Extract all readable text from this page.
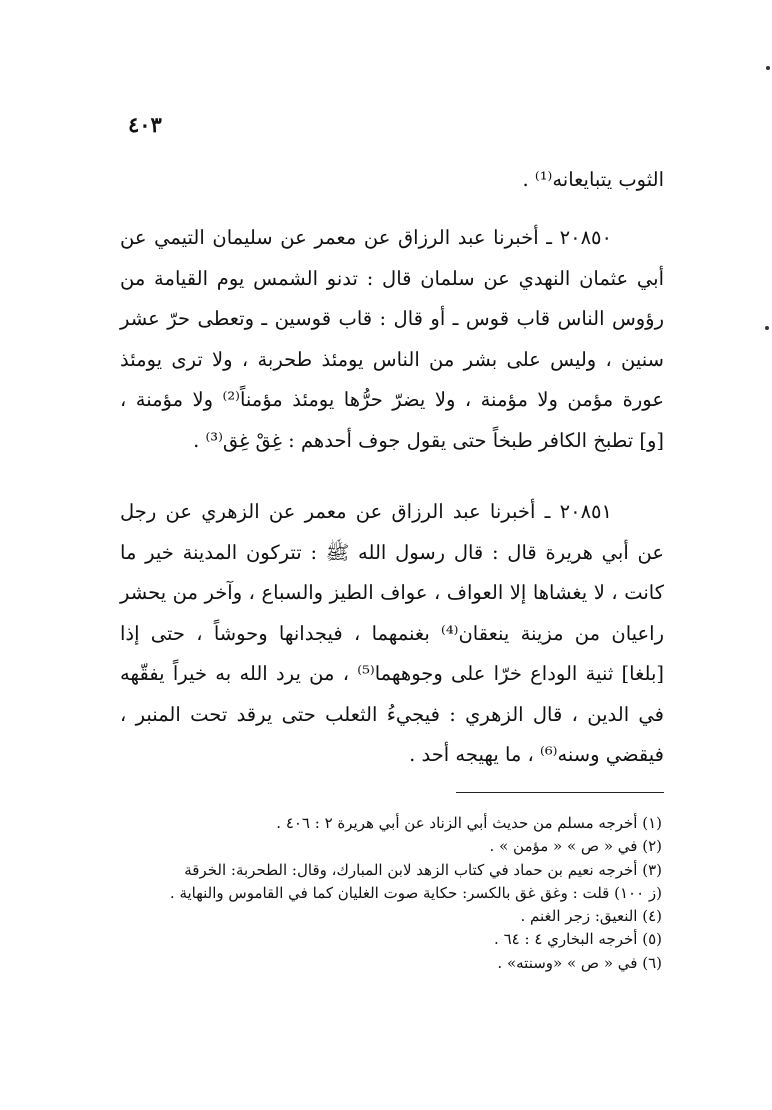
٤٠٣

الثوب يتبايعانه⁽¹⁾ .

٢٠٨٥٠ ـ أخبرنا عبد الرزاق عن معمر عن سليمان التيمي عن

أبي عثمان النهدي عن سلمان قال : تدنو الشمس يوم القيامة من

رؤوس الناس قاب قوس ـ أو قال : قاب قوسين ـ وتعطى حرّ عشر

سنين ، وليس على بشر من الناس يومئذ طحربة ، ولا ترى يومئذ

عورة مؤمن ولا مؤمنة ، ولا يضرّ حرُّها يومئذ مؤمناً⁽²⁾ ولا مؤمنة ،

[و] تطبخ الكافر طبخاً حتى يقول جوف أحدهم : غِقْ غِق⁽³⁾ .

٢٠٨٥١ ـ أخبرنا عبد الرزاق عن معمر عن الزهري عن رجل

عن أبي هريرة قال : قال رسول الله ﷺ : تتركون المدينة خير ما

كانت ، لا يغشاها إلا العواف ، عواف الطيز والسباع ، وآخر من يحشر

راعيان من مزينة ينعقان⁽⁴⁾ بغنمهما ، فيجدانها وحوشاً ، حتى إذا

[بلغا] ثنية الوداع خرّا على وجوههما⁽⁵⁾ ، من يرد الله به خيراً يفقّهه

في الدين ، قال الزهري : فيجيءُ الثعلب حتى يرقد تحت المنبر ،

فيقضي وسنه⁽⁶⁾ ، ما يهيجه أحد .

(١) أخرجه مسلم من حديث أبي الزناد عن أبي هريرة ٢ : ٤٠٦ .

(٢) في « ص » « مؤمن » .

(٣) أخرجه نعيم بن حماد في كتاب الزهد لابن المبارك، وقال: الطحربة: الخرقة

(ز ١٠٠) قلت : وغق غق بالكسر: حكاية صوت الغليان كما في القاموس والنهاية .

(٤) النعيق: زجر الغنم .

(٥) أخرجه البخاري ٤ : ٦٤ .

(٦) في « ص » «وسنته» .
